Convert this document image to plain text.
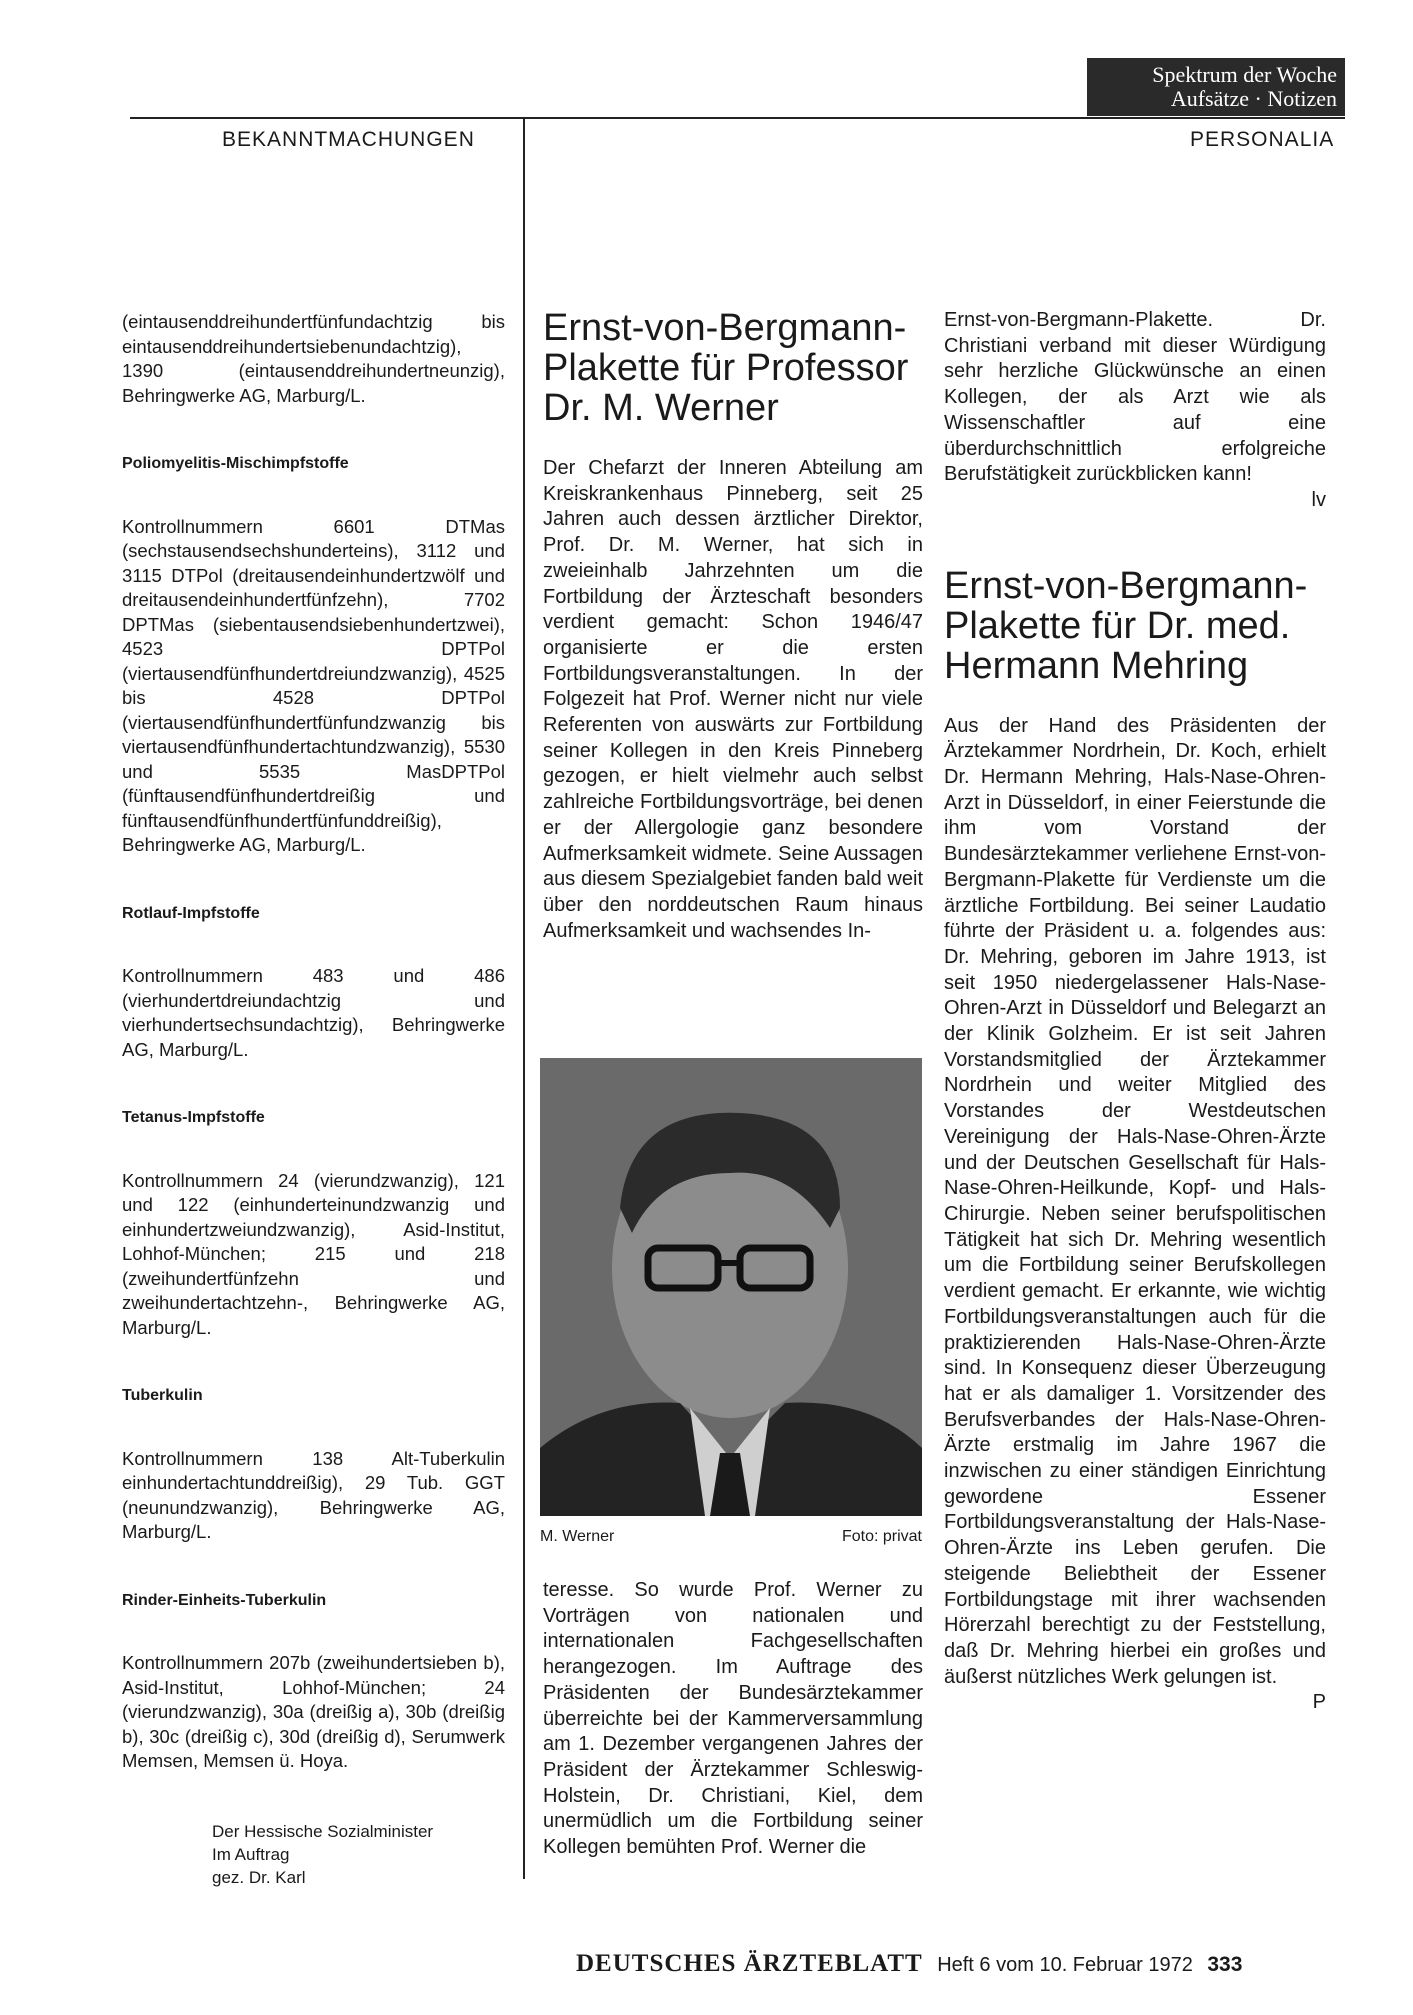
Spektrum der Woche
Aufsätze · Notizen
BEKANNTMACHUNGEN	PERSONALIA

(eintausenddreihundertfünfundachtzig bis eintausenddreihundertsiebenundachtzig), 1390 (eintausenddreihundertneunzig), Behringwerke AG, Marburg/L.

Poliomyelitis-Mischimpfstoffe

Kontrollnummern 6601 DTMas (sechstausendsechshunderteins), 3112 und 3115 DTPol (dreitausendeinhundertzwölf und dreitausendeinhundertfünfzehn), 7702 DPTMas (siebentausendsiebenhundertzwei), 4523 DPTPol (viertausendfünfhundertdreiundzwanzig), 4525 bis 4528 DPTPol (viertausendfünfhundertfünfundzwanzig bis viertausendfünfhundertachtundzwanzig), 5530 und 5535 MasDPTPol (fünftausendfünfhundertdreißig und fünftausendfünfhundertfünfunddreißig), Behringwerke AG, Marburg/L.

Rotlauf-Impfstoffe

Kontrollnummern 483 und 486 (vierhundertdreiundachtzig und vierhundertsechsundachtzig), Behringwerke AG, Marburg/L.

Tetanus-Impfstoffe

Kontrollnummern 24 (vierundzwanzig), 121 und 122 (einhunderteinundzwanzig und einhundertzweiundzwanzig), Asid-Institut, Lohhof-München; 215 und 218 (zweihundertfünfzehn und zweihundertachtzehn-, Behringwerke AG, Marburg/L.

Tuberkulin

Kontrollnummern 138 Alt-Tuberkulin einhundertachtunddreißig), 29 Tub. GGT (neunundzwanzig), Behringwerke AG, Marburg/L.

Rinder-Einheits-Tuberkulin

Kontrollnummern 207b (zweihundertsieben b), Asid-Institut, Lohhof-München; 24 (vierundzwanzig), 30a (dreißig a), 30b (dreißig b), 30c (dreißig c), 30d (dreißig d), Serumwerk Memsen, Memsen ü. Hoya.

Der Hessische Sozialminister
Im Auftrag
gez. Dr. Karl
Ernst-von-Bergmann-Plakette für Professor Dr. M. Werner

Der Chefarzt der Inneren Abteilung am Kreiskrankenhaus Pinneberg, seit 25 Jahren auch dessen ärztlicher Direktor, Prof. Dr. M. Werner, hat sich in zweieinhalb Jahrzehnten um die Fortbildung der Ärzteschaft besonders verdient gemacht: Schon 1946/47 organisierte er die ersten Fortbildungsveranstaltungen. In der Folgezeit hat Prof. Werner nicht nur viele Referenten von auswärts zur Fortbildung seiner Kollegen in den Kreis Pinneberg gezogen, er hielt vielmehr auch selbst zahlreiche Fortbildungsvorträge, bei denen er der Allergologie ganz besondere Aufmerksamkeit widmete. Seine Aussagen aus diesem Spezialgebiet fanden bald weit über den norddeutschen Raum hinaus Aufmerksamkeit und wachsendes In-

M. Werner	Foto: privat

teresse. So wurde Prof. Werner zu Vorträgen von nationalen und internationalen Fachgesellschaften herangezogen. Im Auftrage des Präsidenten der Bundesärztekammer überreichte bei der Kammerversammlung am 1. Dezember vergangenen Jahres der Präsident der Ärztekammer Schleswig-Holstein, Dr. Christiani, Kiel, dem unermüdlich um die Fortbildung seiner Kollegen bemühten Prof. Werner die

Ernst-von-Bergmann-Plakette. Dr. Christiani verband mit dieser Würdigung sehr herzliche Glückwünsche an einen Kollegen, der als Arzt wie als Wissenschaftler auf eine überdurchschnittlich erfolgreiche Berufstätigkeit zurückblicken kann!

lv
Ernst-von-Bergmann-Plakette für Dr. med. Hermann Mehring

Aus der Hand des Präsidenten der Ärztekammer Nordrhein, Dr. Koch, erhielt Dr. Hermann Mehring, Hals-Nase-Ohren-Arzt in Düsseldorf, in einer Feierstunde die ihm vom Vorstand der Bundesärztekammer verliehene Ernst-von-Bergmann-Plakette für Verdienste um die ärztliche Fortbildung. Bei seiner Laudatio führte der Präsident u. a. folgendes aus: Dr. Mehring, geboren im Jahre 1913, ist seit 1950 niedergelassener Hals-Nase-Ohren-Arzt in Düsseldorf und Belegarzt an der Klinik Golzheim. Er ist seit Jahren Vorstandsmitglied der Ärztekammer Nordrhein und weiter Mitglied des Vorstandes der Westdeutschen Vereinigung der Hals-Nase-Ohren-Ärzte und der Deutschen Gesellschaft für Hals-Nase-Ohren-Heilkunde, Kopf- und Hals-Chirurgie. Neben seiner berufspolitischen Tätigkeit hat sich Dr. Mehring wesentlich um die Fortbildung seiner Berufskollegen verdient gemacht. Er erkannte, wie wichtig Fortbildungsveranstaltungen auch für die praktizierenden Hals-Nase-Ohren-Ärzte sind. In Konsequenz dieser Überzeugung hat er als damaliger 1. Vorsitzender des Berufsverbandes der Hals-Nase-Ohren-Ärzte erstmalig im Jahre 1967 die inzwischen zu einer ständigen Einrichtung gewordene Essener Fortbildungsveranstaltung der Hals-Nase-Ohren-Ärzte ins Leben gerufen. Die steigende Beliebtheit der Essener Fortbildungstage mit ihrer wachsenden Hörerzahl berechtigt zu der Feststellung, daß Dr. Mehring hierbei ein großes und äußerst nützliches Werk gelungen ist.

P
DEUTSCHES ÄRZTEBLATT Heft 6 vom 10. Februar 1972 333
